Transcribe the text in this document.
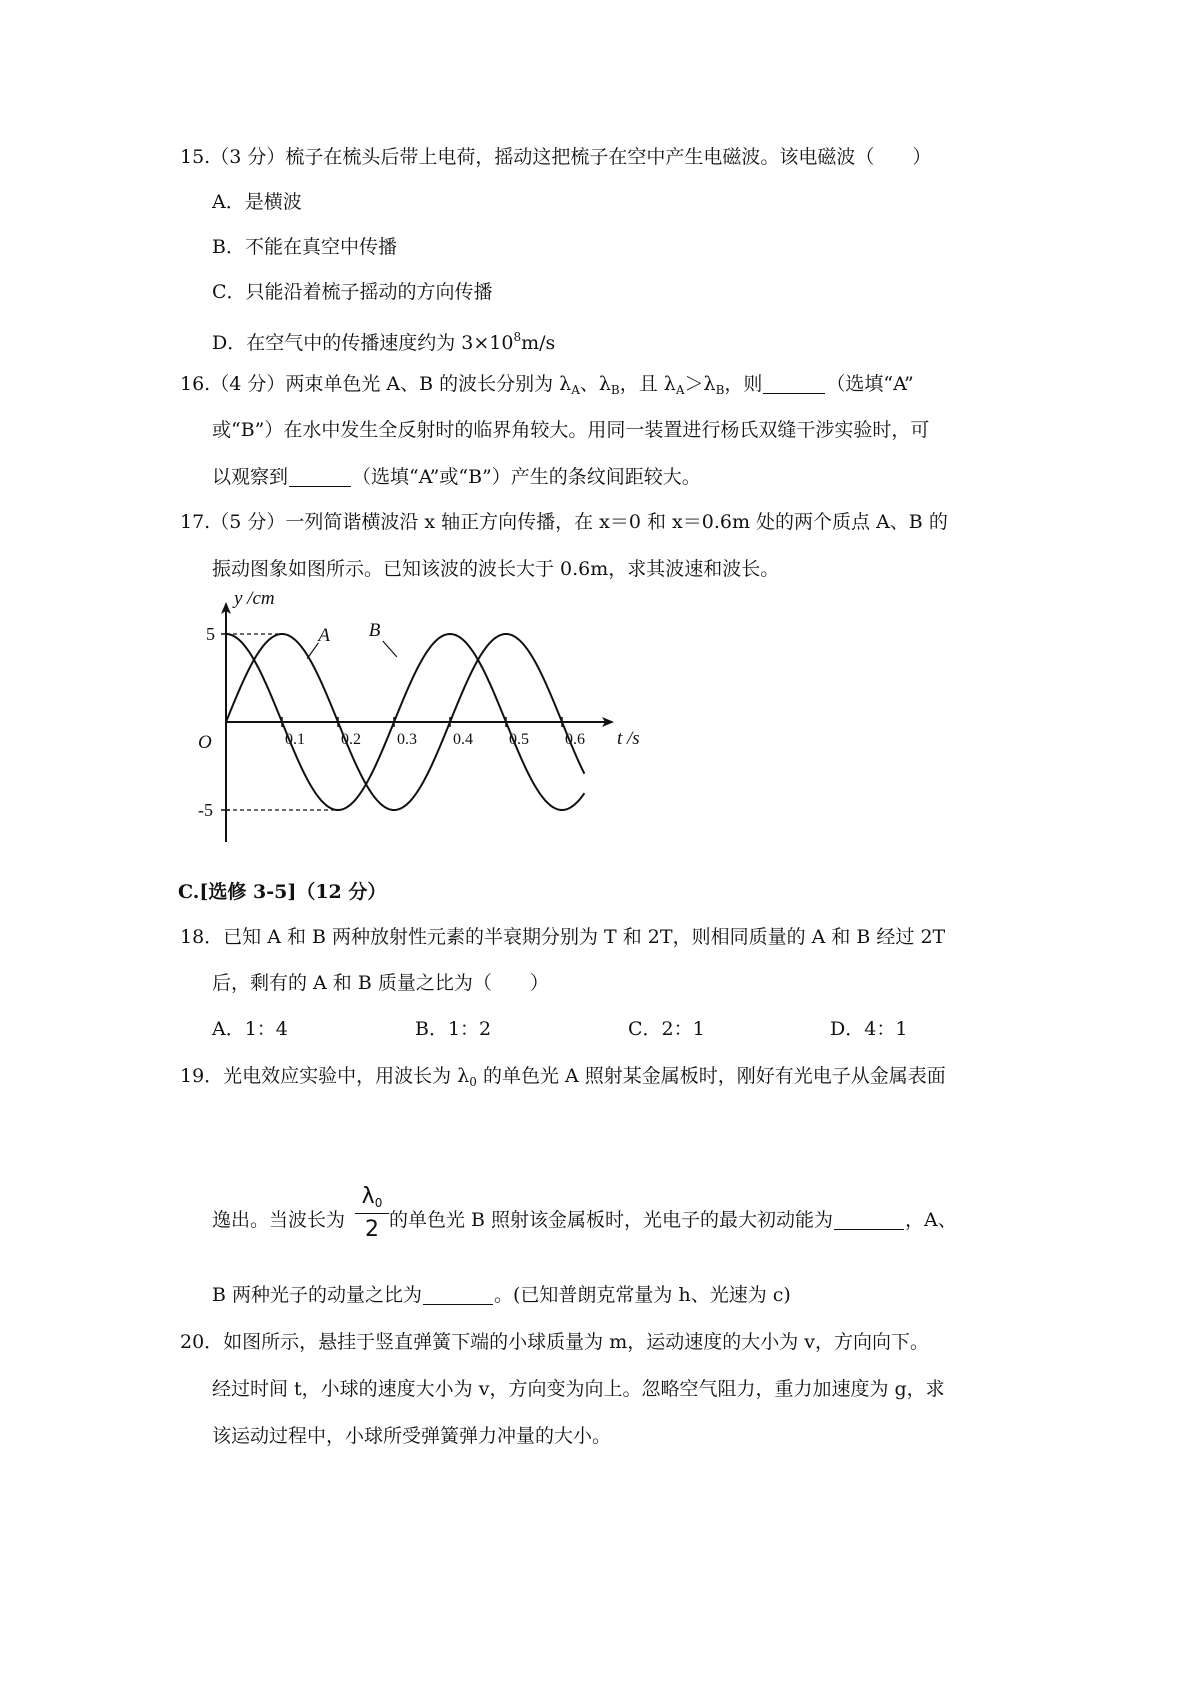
15.（3 分）梳子在梳头后带上电荷，摇动这把梳子在空中产生电磁波。该电磁波（　　）
A．是横波
B．不能在真空中传播
C．只能沿着梳子摇动的方向传播
D．在空气中的传播速度约为 $3\times 10^8m/s$
16.（4 分）两束单色光 A、B 的波长分别为 $\lambda_A$、$\lambda_B$，且 $\lambda_A>\lambda_B$，则	（选填“A”
或“B”）在水中发生全反射时的临界角较大。用同一装置进行杨氏双缝干涉实验时，可
以观察到	（选填“A”或“B”）产生的条纹间距较大。
17.（5 分）一列简谐横波沿 x 轴正方向传播，在 x＝0 和 x＝0.6m 处的两个质点 A、B 的
振动图象如图所示。已知该波的波长大于 0.6m，求其波速和波长。
0.1 0.2 0.3 0.4 0.5 0.6
5
-5
O
y /cm
t /s
A B
C.[选修 3-5]（12 分）
18．已知 A 和 B 两种放射性元素的半衰期分别为 T 和 2T，则相同质量的 A 和 B 经过 2T
后，剩有的 A 和 B 质量之比为（　　）
A．1：4	B．1：2	C．2：1	D．4：1
19．光电效应实验中，用波长为 $\lambda_0$ 的单色光 A 照射某金属板时，刚好有光电子从金属表面
逸出。当波长为
$\lambda_0$
2 的单色光 B 照射该金属板时，光电子的最大初动能为	，A、
B 两种光子的动量之比为	。(已知普朗克常量为 h、光速为 c)
20．如图所示，悬挂于竖直弹簧下端的小球质量为 m，运动速度的大小为 v，方向向下。
经过时间 t，小球的速度大小为 v，方向变为向上。忽略空气阻力，重力加速度为 g，求
该运动过程中，小球所受弹簧弹力冲量的大小。
